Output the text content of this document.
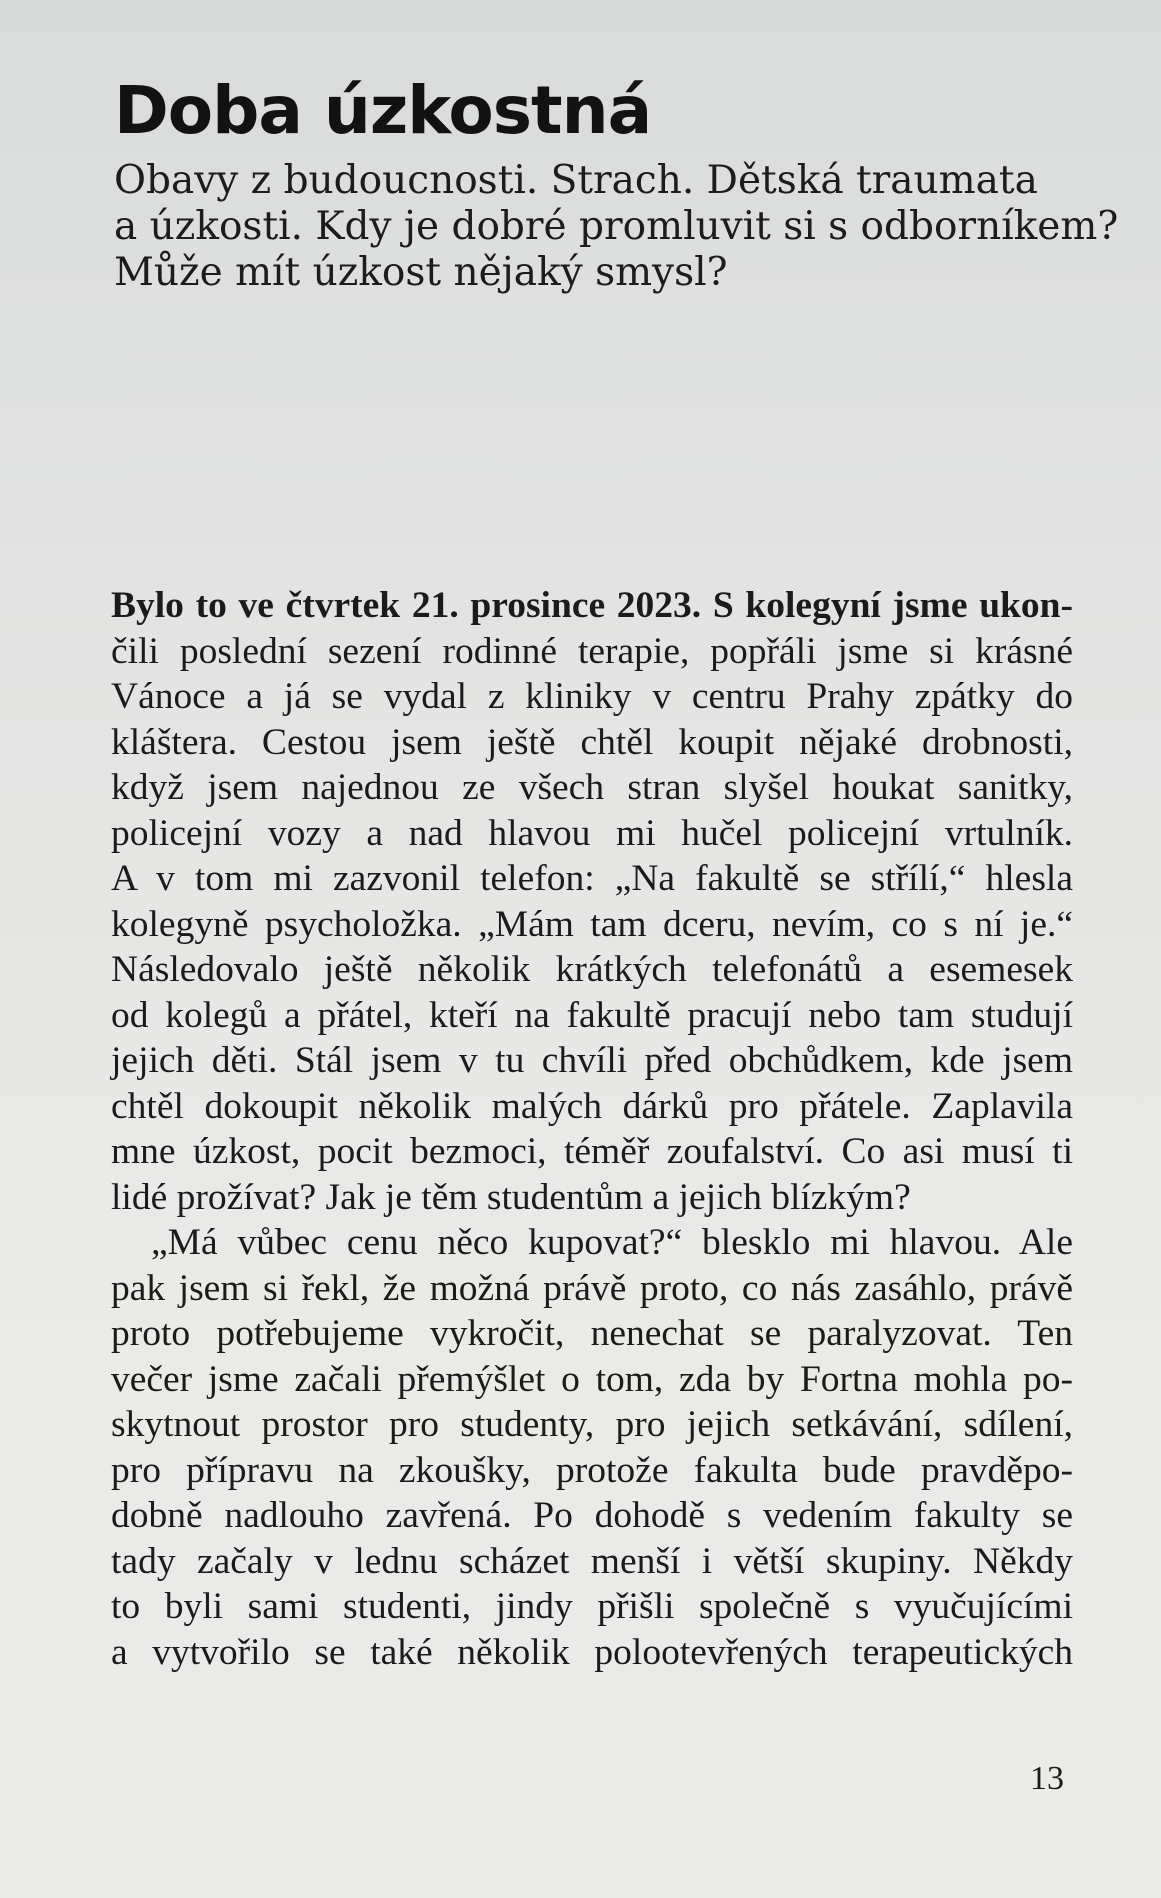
Doba úzkostná

Obavy z budoucnosti. Strach. Dětská traumata
a úzkosti. Kdy je dobré promluvit si s odborníkem?
Může mít úzkost nějaký smysl?

Bylo to ve čtvrtek 21. prosince 2023. S kolegyní jsme ukon-
čili poslední sezení rodinné terapie, popřáli jsme si krásné
Vánoce a já se vydal z kliniky v centru Prahy zpátky do
kláštera. Cestou jsem ještě chtěl koupit nějaké drobnosti,
když jsem najednou ze všech stran slyšel houkat sanitky,
policejní vozy a nad hlavou mi hučel policejní vrtulník.
A v tom mi zazvonil telefon: „Na fakultě se střílí,“ hlesla
kolegyně psycholožka. „Mám tam dceru, nevím, co s ní je.“
Následovalo ještě několik krátkých telefonátů a esemesek
od kolegů a přátel, kteří na fakultě pracují nebo tam studují
jejich děti. Stál jsem v tu chvíli před obchůdkem, kde jsem
chtěl dokoupit několik malých dárků pro přátele. Zaplavila
mne úzkost, pocit bezmoci, téměř zoufalství. Co asi musí ti
lidé prožívat? Jak je těm studentům a jejich blízkým?
„Má vůbec cenu něco kupovat?“ blesklo mi hlavou. Ale
pak jsem si řekl, že možná právě proto, co nás zasáhlo, právě
proto potřebujeme vykročit, nenechat se paralyzovat. Ten
večer jsme začali přemýšlet o tom, zda by Fortna mohla po-
skytnout prostor pro studenty, pro jejich setkávání, sdílení,
pro přípravu na zkoušky, protože fakulta bude pravděpo-
dobně nadlouho zavřená. Po dohodě s vedením fakulty se
tady začaly v lednu scházet menší i větší skupiny. Někdy
to byli sami studenti, jindy přišli společně s vyučujícími
a vytvořilo se také několik polootevřených terapeutických
13
